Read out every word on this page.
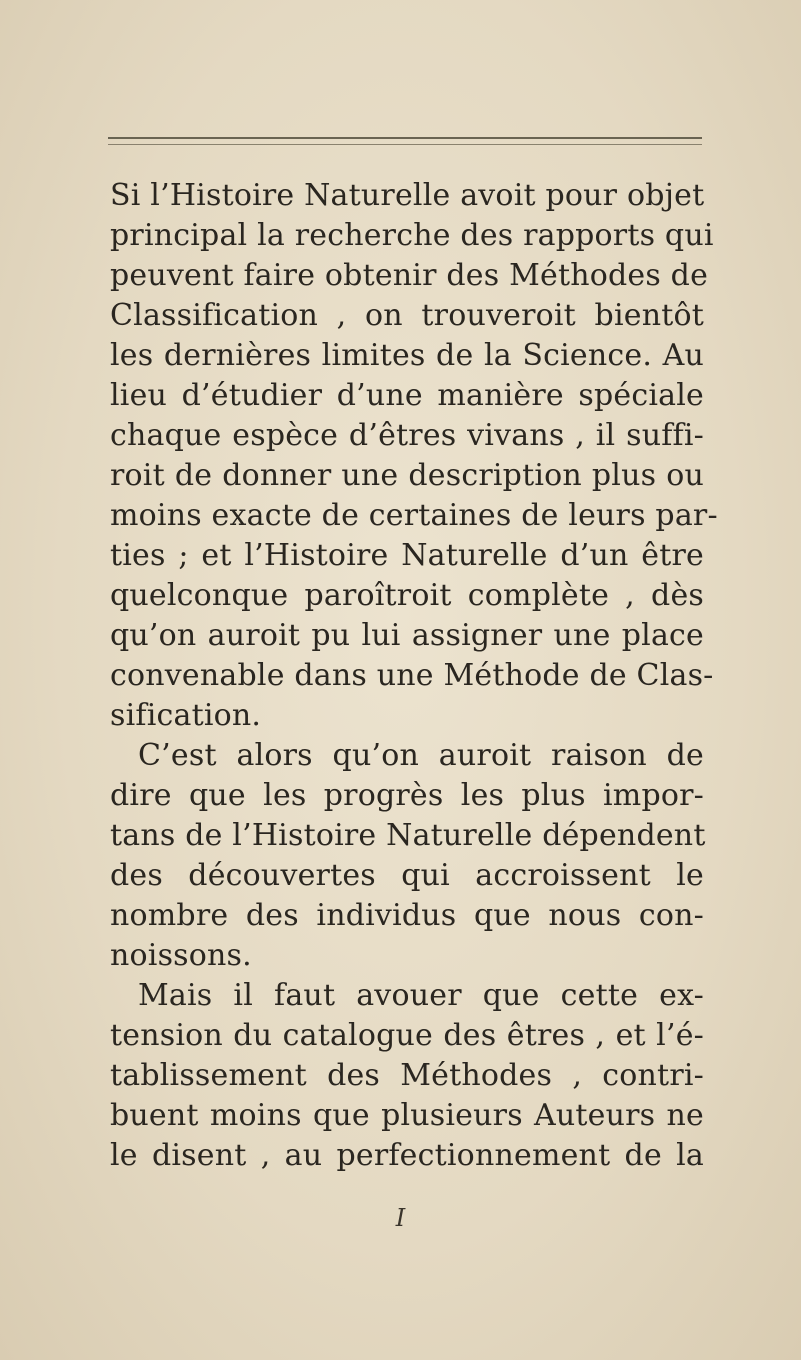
Si l’Histoire Naturelle avoit pour objet
principal la recherche des rapports qui
peuvent faire obtenir des Méthodes de
Classification , on trouveroit bientôt
les dernières limites de la Science. Au
lieu d’étudier d’une manière spéciale
chaque espèce d’êtres vivans , il suffi-
roit de donner une description plus ou
moins exacte de certaines de leurs par-
ties ; et l’Histoire Naturelle d’un être
quelconque paroîtroit complète , dès
qu’on auroit pu lui assigner une place
convenable dans une Méthode de Clas-
sification.
C’est alors qu’on auroit raison de
dire que les progrès les plus impor-
tans de l’Histoire Naturelle dépendent
des découvertes qui accroissent le
nombre des individus que nous con-
noissons.
Mais il faut avouer que cette ex-
tension du catalogue des êtres , et l’é-
tablissement des Méthodes , contri-
buent moins que plusieurs Auteurs ne
le disent , au perfectionnement de la
I
